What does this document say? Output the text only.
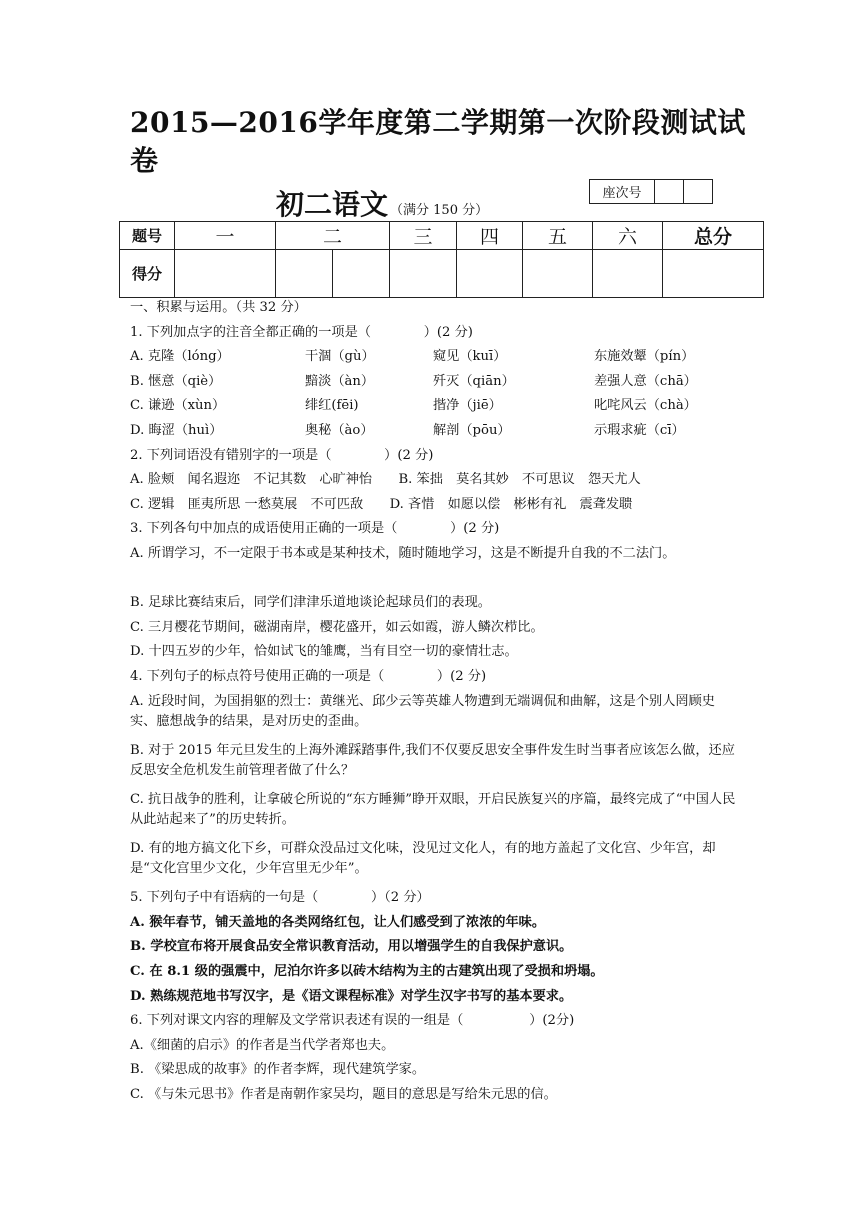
2015—2016学年度第二学期第一次阶段测试试卷
初二语文 （满分 150 分）
座次号
题号	一	二		三	四	五	六	总分
得分								
一、积累与运用。（共 32 分）
1. 下列加点字的注音全都正确的一项是（　　　　）(2 分)
A. 克隆（lóng）	干涸（gù）	窥见（kuī）	东施效颦（pín）
B. 惬意（qiè）	黯淡（àn）	歼灭（qiān）	差强人意（chā）
C. 谦逊（xùn）	绯红(fēi)	揩净（jiē）	叱咤风云（chà）
D. 晦涩（huì）	奥秘（ào）	解剖（pōu）	示瑕求疵（cī）
2. 下列词语没有错别字的一项是（　　　　）(2 分)
A. 脸颊　闻名遐迩　不记其数　心旷神怡　　B. 笨拙　莫名其妙　不可思议　怨天尤人
C. 逻辑　匪夷所思 一愁莫展　不可匹敌　　D. 吝惜　如愿以偿　彬彬有礼　震聋发聩
3. 下列各句中加点的成语使用正确的一项是（　　　　）(2 分)
A. 所谓学习，不一定限于书本或是某种技术，随时随地学习，这是不断提升自我的不二法门。
B. 足球比赛结束后，同学们津津乐道地谈论起球员们的表现。
C. 三月樱花节期间，磁湖南岸，樱花盛开，如云如霞，游人鳞次栉比。
D. 十四五岁的少年，恰如试飞的雏鹰，当有目空一切的豪情壮志。
4. 下列句子的标点符号使用正确的一项是（　　　　）(2 分)
A. 近段时间，为国捐躯的烈士：黄继光、邱少云等英雄人物遭到无端调侃和曲解，这是个别人罔顾史实、臆想战争的结果，是对历史的歪曲。
B. 对于 2015 年元旦发生的上海外滩踩踏事件,我们不仅要反思安全事件发生时当事者应该怎么做，还应反思安全危机发生前管理者做了什么？
C. 抗日战争的胜利，让拿破仑所说的“东方睡狮”睁开双眼，开启民族复兴的序篇，最终完成了“中国人民从此站起来了”的历史转折。
D. 有的地方搞文化下乡，可群众没品过文化味，没见过文化人，有的地方盖起了文化宫、少年宫，却是“文化宫里少文化，少年宫里无少年”。
5. 下列句子中有语病的一句是（　　　　）（2 分）
A. 猴年春节，铺天盖地的各类网络红包，让人们感受到了浓浓的年味。
B. 学校宣布将开展食品安全常识教育活动，用以增强学生的自我保护意识。
C. 在 8.1 级的强震中，尼泊尔许多以砖木结构为主的古建筑出现了受损和坍塌。
D. 熟练规范地书写汉字，是《语文课程标准》对学生汉字书写的基本要求。
6. 下列对课文内容的理解及文学常识表述有误的一组是（　　　　　）(2分)
A.《细菌的启示》的作者是当代学者郑也夫。
B. 《梁思成的故事》的作者李辉，现代建筑学家。
C. 《与朱元思书》作者是南朝作家吴均，题目的意思是写给朱元思的信。
